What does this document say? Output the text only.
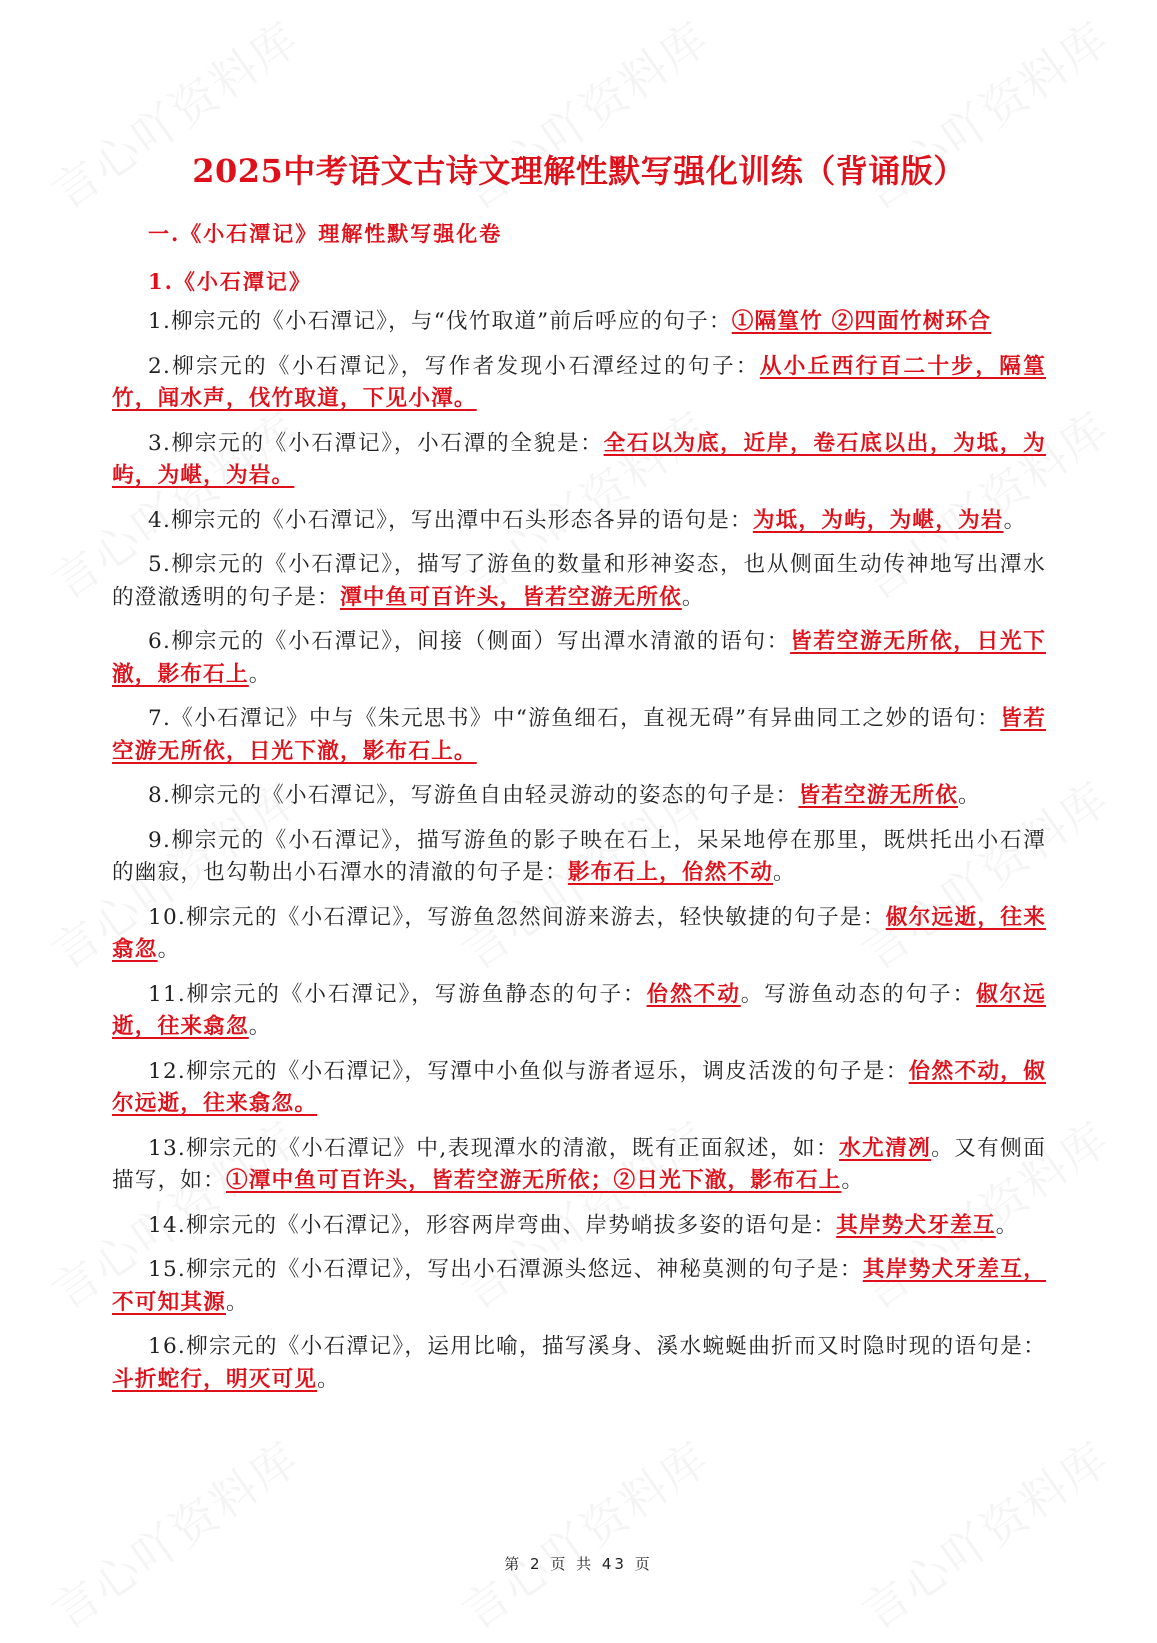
2025中考语文古诗文理解性默写强化训练（背诵版）
一.《小石潭记》理解性默写强化卷
1.《小石潭记》

1.柳宗元的《小石潭记》，与“伐竹取道”前后呼应的句子：①隔篁竹 ②四面竹树环合

2.柳宗元的《小石潭记》，写作者发现小石潭经过的句子：从小丘西行百二十步，隔篁竹，闻水声，伐竹取道，下见小潭。

3.柳宗元的《小石潭记》，小石潭的全貌是：全石以为底，近岸，卷石底以出，为坻，为屿，为嵁，为岩。

4.柳宗元的《小石潭记》，写出潭中石头形态各异的语句是：为坻，为屿，为嵁，为岩。

5.柳宗元的《小石潭记》，描写了游鱼的数量和形神姿态，也从侧面生动传神地写出潭水的澄澈透明的句子是：潭中鱼可百许头，皆若空游无所依。

6.柳宗元的《小石潭记》，间接（侧面）写出潭水清澈的语句：皆若空游无所依，日光下澈，影布石上。

7.《小石潭记》中与《朱元思书》中“游鱼细石，直视无碍”有异曲同工之妙的语句：皆若空游无所依，日光下澈，影布石上。

8.柳宗元的《小石潭记》，写游鱼自由轻灵游动的姿态的句子是：皆若空游无所依。

9.柳宗元的《小石潭记》，描写游鱼的影子映在石上，呆呆地停在那里，既烘托出小石潭的幽寂，也勾勒出小石潭水的清澈的句子是：影布石上，佁然不动。

10.柳宗元的《小石潭记》，写游鱼忽然间游来游去，轻快敏捷的句子是：俶尔远逝，往来翕忽。

11.柳宗元的《小石潭记》，写游鱼静态的句子：佁然不动。写游鱼动态的句子：俶尔远逝，往来翕忽。

12.柳宗元的《小石潭记》，写潭中小鱼似与游者逗乐，调皮活泼的句子是：佁然不动，俶尔远逝，往来翕忽。

13.柳宗元的《小石潭记》中,表现潭水的清澈，既有正面叙述，如：水尤清冽。又有侧面描写，如：①潭中鱼可百许头，皆若空游无所依；②日光下澈，影布石上。

14.柳宗元的《小石潭记》，形容两岸弯曲、岸势峭拔多姿的语句是：其岸势犬牙差互。

15.柳宗元的《小石潭记》，写出小石潭源头悠远、神秘莫测的句子是：其岸势犬牙差互，不可知其源。

16.柳宗元的《小石潭记》，运用比喻，描写溪身、溪水蜿蜒曲折而又时隐时现的语句是：斗折蛇行，明灭可见。

第 2 页 共 43 页
